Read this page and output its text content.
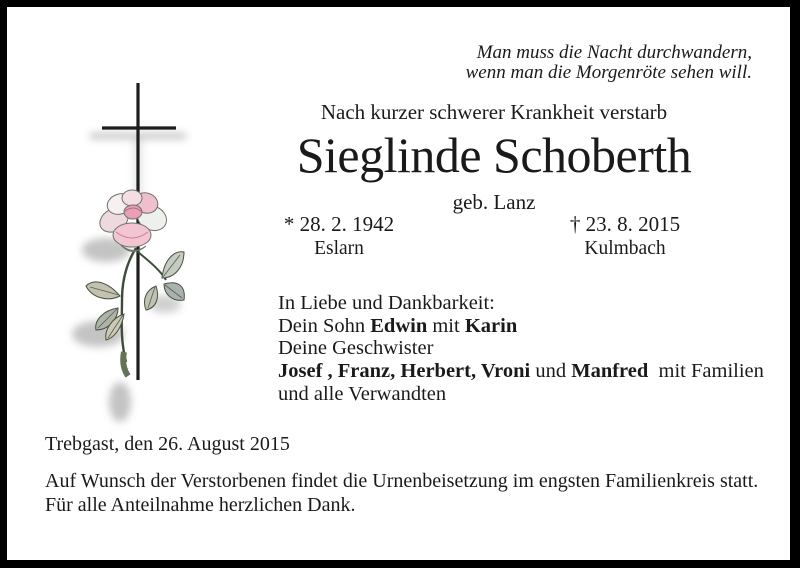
Man muss die Nacht durchwandern,
wenn man die Morgenröte sehen will.
Nach kurzer schwerer Krankheit verstarb
Sieglinde Schoberth
geb. Lanz
* 28. 2. 1942
Eslarn
† 23. 8. 2015
Kulmbach
In Liebe und Dankbarkeit:
Dein Sohn Edwin mit Karin
Deine Geschwister
Josef , Franz, Herbert, Vroni und Manfred  mit Familien
und alle Verwandten
Trebgast, den 26. August 2015
Auf Wunsch der Verstorbenen findet die Urnenbeisetzung im engsten Familienkreis statt.
Für alle Anteilnahme herzlichen Dank.
